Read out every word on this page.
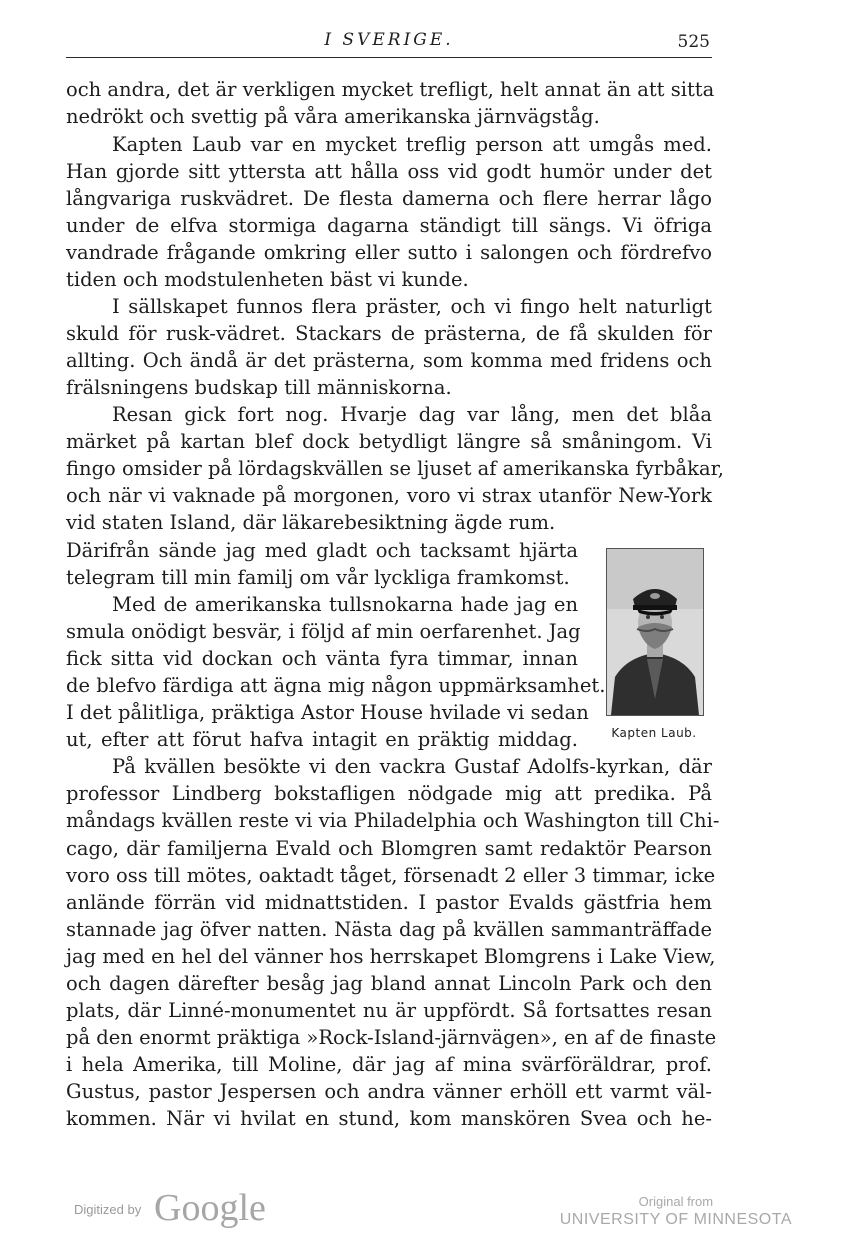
I SVERIGE.	525
och andra, det är verkligen mycket trefligt, helt annat än att sitta
nedrökt och svettig på våra amerikanska järnvägståg.
Kapten Laub var en mycket treflig person att umgås med.
Han gjorde sitt yttersta att hålla oss vid godt humör under det
långvariga ruskvädret. De flesta damerna och flere herrar lågo
under de elfva stormiga dagarna ständigt till sängs. Vi öfriga
vandrade frågande omkring eller sutto i salongen och fördrefvo
tiden och modstulenheten bäst vi kunde.
I sällskapet funnos flera präster, och vi fingo helt naturligt
skuld för rusk-vädret. Stackars de prästerna, de få skulden för
allting. Och ändå är det prästerna, som komma med fridens och
frälsningens budskap till människorna.
Resan gick fort nog. Hvarje dag var lång, men det blåa
märket på kartan blef dock betydligt längre så småningom. Vi
fingo omsider på lördagskvällen se ljuset af amerikanska fyrbåkar,
och när vi vaknade på morgonen, voro vi strax utanför New-York
vid staten Island, där läkarebesiktning ägde rum.
Därifrån sände jag med gladt och tacksamt hjärta
telegram till min familj om vår lyckliga framkomst.
Med de amerikanska tullsnokarna hade jag en
smula onödigt besvär, i följd af min oerfarenhet. Jag
fick sitta vid dockan och vänta fyra timmar, innan
de blefvo färdiga att ägna mig någon uppmärksamhet.
I det pålitliga, präktiga Astor House hvilade vi sedan
ut, efter att förut hafva intagit en präktig middag.	Kapten Laub.
På kvällen besökte vi den vackra Gustaf Adolfs-kyrkan, där
professor Lindberg bokstafligen nödgade mig att predika. På
måndags kvällen reste vi via Philadelphia och Washington till Chi-
cago, där familjerna Evald och Blomgren samt redaktör Pearson
voro oss till mötes, oaktadt tåget, försenadt 2 eller 3 timmar, icke
anlände förrän vid midnattstiden. I pastor Evalds gästfria hem
stannade jag öfver natten. Nästa dag på kvällen sammanträffade
jag med en hel del vänner hos herrskapet Blomgrens i Lake View,
och dagen därefter besåg jag bland annat Lincoln Park och den
plats, där Linné-monumentet nu är uppfördt. Så fortsattes resan
på den enormt präktiga »Rock-Island-järnvägen», en af de finaste
i hela Amerika, till Moline, där jag af mina svärföräldrar, prof.
Gustus, pastor Jespersen och andra vänner erhöll ett varmt väl-
kommen. När vi hvilat en stund, kom manskören Svea och he-
Digitized by Google	Original from
UNIVERSITY OF MINNESOTA
